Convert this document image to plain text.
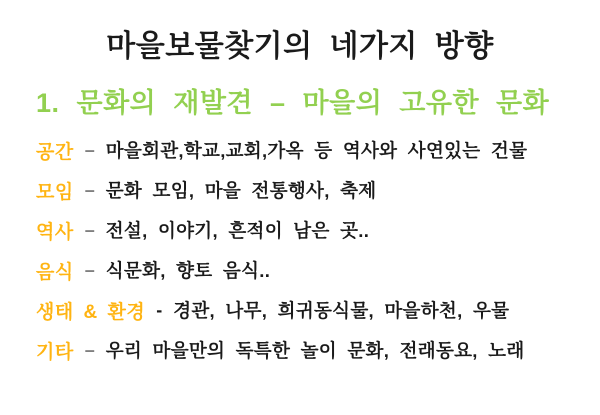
마을보물찾기의 네가지 방향
1. 문화의 재발견 – 마을의 고유한 문화
공간 – 마을회관,학교,교회,가옥 등 역사와 사연있는 건물
모임 – 문화 모임, 마을 전통행사, 축제
역사 – 전설, 이야기, 흔적이 남은 곳..
음식 – 식문화, 향토 음식..
생태 & 환경 - 경관, 나무, 희귀동식물, 마을하천, 우물
기타 – 우리 마을만의 독특한 놀이 문화, 전래동요, 노래
